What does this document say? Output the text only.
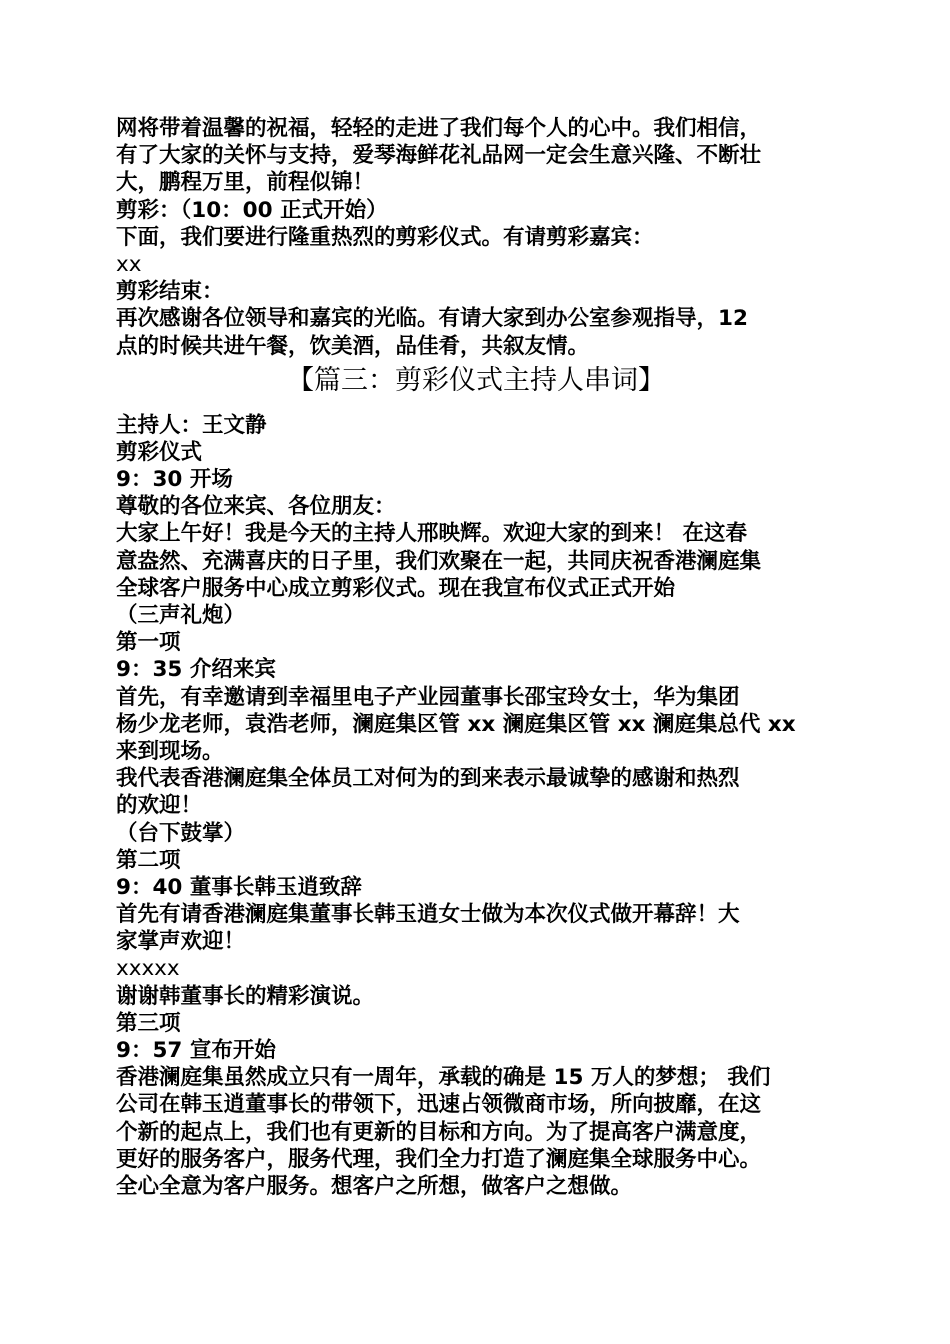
网将带着温馨的祝福，轻轻的走进了我们每个人的心中。我们相信，
有了大家的关怀与支持，爱琴海鲜花礼品网一定会生意兴隆、不断壮
大，鹏程万里，前程似锦！
剪彩：（10：00 正式开始）
下面，我们要进行隆重热烈的剪彩仪式。有请剪彩嘉宾：
xx
剪彩结束：
再次感谢各位领导和嘉宾的光临。有请大家到办公室参观指导，12
点的时候共进午餐，饮美酒，品佳肴，共叙友情。
【篇三：剪彩仪式主持人串词】
主持人：王文静
剪彩仪式
9：30 开场
尊敬的各位来宾、各位朋友：
大家上午好！我是今天的主持人邢映辉。欢迎大家的到来！ 在这春
意盎然、充满喜庆的日子里，我们欢聚在一起，共同庆祝香港澜庭集
全球客户服务中心成立剪彩仪式。现在我宣布仪式正式开始
（三声礼炮）
第一项
9：35 介绍来宾
首先，有幸邀请到幸福里电子产业园董事长邵宝玲女士，华为集团
杨少龙老师，袁浩老师，澜庭集区管 xx 澜庭集区管 xx 澜庭集总代 xx
来到现场。
我代表香港澜庭集全体员工对何为的到来表示最诚挚的感谢和热烈
的欢迎！
（台下鼓掌）
第二项
9：40 董事长韩玉逍致辞
首先有请香港澜庭集董事长韩玉逍女士做为本次仪式做开幕辞！大
家掌声欢迎！
xxxxx
谢谢韩董事长的精彩演说。
第三项
9：57 宣布开始
香港澜庭集虽然成立只有一周年，承载的确是 15 万人的梦想； 我们
公司在韩玉逍董事长的带领下，迅速占领微商市场，所向披靡，在这
个新的起点上，我们也有更新的目标和方向。为了提高客户满意度，
更好的服务客户，服务代理，我们全力打造了澜庭集全球服务中心。
全心全意为客户服务。想客户之所想，做客户之想做。
